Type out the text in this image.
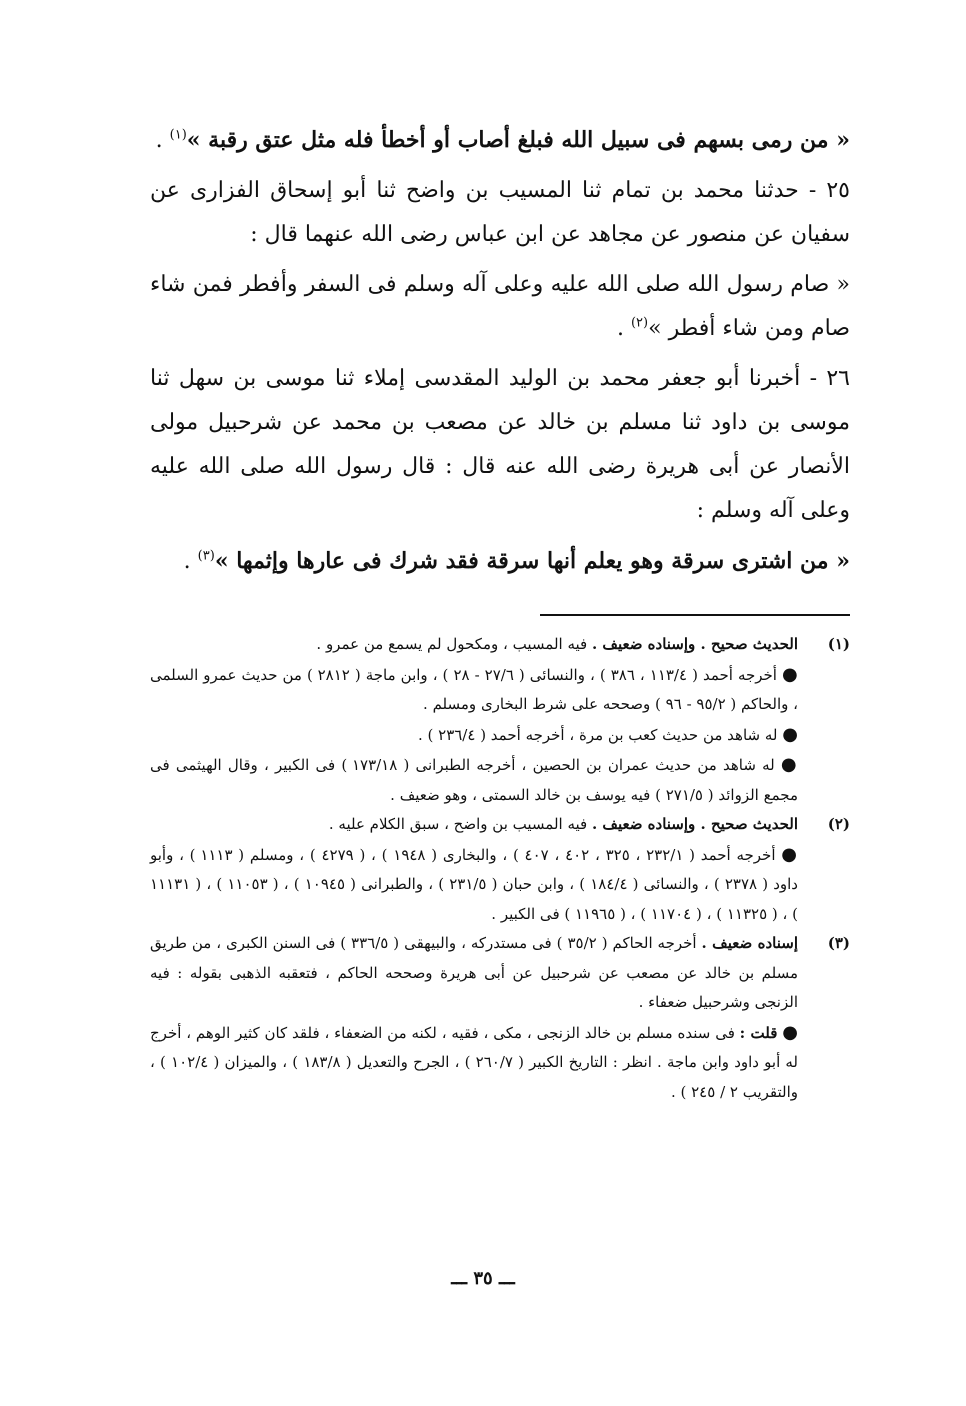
« من رمى بسهم فى سبيل الله فبلغ أصاب أو أخطأ فله مثل عتق رقبة »$^{(١)}$ .

٢٥ - حدثنا محمد بن تمام ثنا المسيب بن واضح ثنا أبو إسحاق الفزارى عن سفيان عن منصور عن مجاهد عن ابن عباس رضى الله عنهما قال :

« صام رسول الله صلى الله عليه وعلى آله وسلم فى السفر وأفطر فمن شاء صام ومن شاء أفطر »$^{(٢)}$ .

٢٦ - أخبرنا أبو جعفر محمد بن الوليد المقدسى إملاء ثنا موسى بن سهل ثنا موسى بن داود ثنا مسلم بن خالد عن مصعب بن محمد عن شرحبيل مولى الأنصار عن أبى هريرة رضى الله عنه قال : قال رسول الله صلى الله عليه وعلى آله وسلم :

« من اشترى سرقة وهو يعلم أنها سرقة فقد شرك فى عارها وإثمها »$^{(٣)}$ .

(١)

الحديث صحيح . وإسناده ضعيف . فيه المسيب ، ومكحول لم يسمع من عمرو .

● أخرجه أحمد ( ١١٣/٤ ، ٣٨٦ ) ، والنسائى ( ٢٧/٦ - ٢٨ ) ، وابن ماجة ( ٢٨١٢ ) من حديث عمرو السلمى ، والحاكم ( ٩٥/٢ - ٩٦ ) وصححه على شرط البخارى ومسلم .

● له شاهد من حديث كعب بن مرة ، أخرجه أحمد ( ٢٣٦/٤ ) .

● له شاهد من حديث عمران بن الحصين ، أخرجه الطبرانى ( ١٧٣/١٨ ) فى الكبير ، وقال الهيثمى فى مجمع الزوائد ( ٢٧١/٥ ) فيه يوسف بن خالد السمتى ، وهو ضعيف .

(٢)

الحديث صحيح . وإسناده ضعيف . فيه المسيب بن واضح ، سبق الكلام عليه .

● أخرجه أحمد ( ٢٣٢/١ ، ٣٢٥ ، ٤٠٢ ، ٤٠٧ ) ، والبخارى ( ١٩٤٨ ) ، ( ٤٢٧٩ ) ، ومسلم ( ١١١٣ ) ، وأبو داود ( ٢٣٧٨ ) ، والنسائى ( ١٨٤/٤ ) ، وابن حبان ( ٢٣١/٥ ) ، والطبرانى ( ١٠٩٤٥ ) ، ( ١١٠٥٣ ) ، ( ١١١٣١ ) ، ( ١١٣٢٥ ) ، ( ١١٧٠٤ ) ، ( ١١٩٦٥ ) فى الكبير .

(٣)

إسناده ضعيف . أخرجه الحاكم ( ٣٥/٢ ) فى مستدركه ، والبيهقى ( ٣٣٦/٥ ) فى السنن الكبرى ، من طريق مسلم بن خالد عن مصعب عن شرحبيل عن أبى هريرة وصححه الحاكم ، فتعقبه الذهبى بقوله : فيه الزنجى وشرحبيل ضعفاء .

● قلت : فى سنده مسلم بن خالد الزنجى ، مكى ، فقيه ، لكنه من الضعفاء ، فلقد كان كثير الوهم ، أخرج له أبو داود وابن ماجة . انظر : التاريخ الكبير ( ٢٦٠/٧ ) ، الجرح والتعديل ( ١٨٣/٨ ) ، والميزان ( ١٠٢/٤ ) ، والتقريب ٢ / ٢٤٥ ) .

ـــ ٣٥ ـــ
